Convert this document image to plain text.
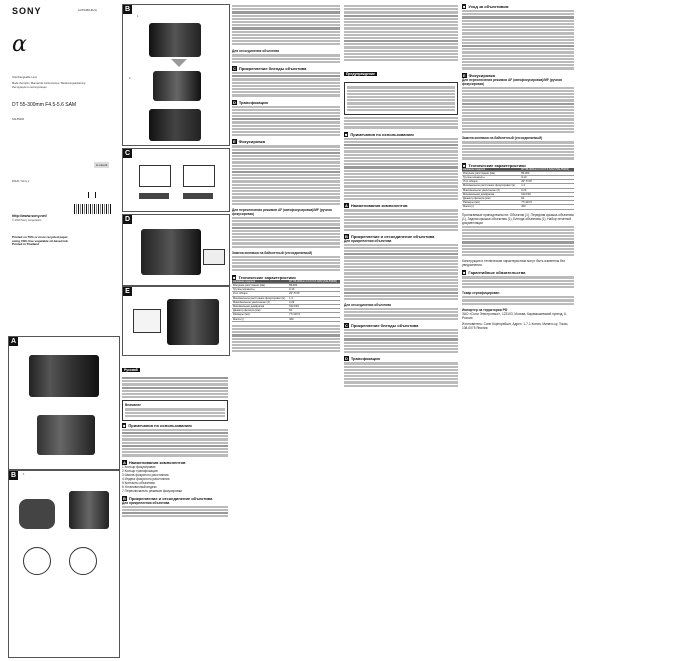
SONY	4-270-981-21(1)
α
Interchangeable Lens
Mode d'emploi / Manual de instrucciones / Bedienungsanleitung
Инструкция по эксплуатации
DT 55-300mm F4.5-5.6 SAM
SAL55300
A-mount
DSLR / Sony α
http://www.sony.net/
© 2010 Sony Corporation
Printed on 70% or more recycled paper
using VOC-free vegetable oil-based ink.
Printed in Thailand
A
B	1
B
1
2
C
D
E
Русский
Внимание
■ Примечания по использованию
A Наименования компонентов
1 Кольцо фокусировки
2 Кольцо трансфокации
3 Шкала фокусного расстояния
4 Индекс фокусного расстояния
5 Контакты объектива
6 Установочный индекс
7 Переключатель режимов фокусировки
B Прикрепление и отсоединение объектива
Для прикрепления объектива
Для отсоединения объектива
C Прикрепление бленды объектива
D Трансфокация
E Фокусировка
Для переключения режимов AF (автофокусировка)/MF (ручная фокусировка)
Замена колпачка на байонетный (отсоединяемый)
■ Технические характеристики
Название изделия	DT 55-300mm F4.5-5.6 SAM (SAL55300)
Фокусное расстояние (мм)	55-300
Группы-элементы	9-13
Угол обзора	29°-5°20'
Минимальное расстояние фокусировки (м)	1,4
Максимальное увеличение (X)	0,29
Минимальная диафрагма	f/22-f/29
Диаметр фильтра (мм)	62
Размеры (мм)	77×116,5
Масса (г)	460
Предупреждение
■ Примечания по использованию
A Наименования компонентов
B Прикрепление и отсоединение объектива
Для прикрепления объектива
Для отсоединения объектива
C Прикрепление бленды объектива
D Трансфокация
■ Уход за объективом
E Фокусировка
Для переключения режимов AF (автофокусировка)/MF (ручная фокусировка)
Замена колпачка на байонетный (отсоединяемый)
■ Технические характеристики
Название изделия	DT 55-300mm F4.5-5.6 SAM (SAL55300)
Фокусное расстояние (мм)	55-300
Группы-элементы	9-13
Угол обзора	29°-5°20'
Минимальное расстояние фокусировки (м)	1,4
Максимальное увеличение (X)	0,29
Минимальная диафрагма	f/22-f/29
Диаметр фильтра (мм)	62
Размеры (мм)	77×116,5
Масса (г)	460
Прилагаемые принадлежности: Объектив (1), Передняя крышка объектива (1), Задняя крышка объектива (1), Бленда объектива (1), Набор печатной документации
Конструкция и технические характеристики могут быть изменены без уведомления.
■ Гарантийные обязательства
Товар сертифицирован
Импортер на территории РФ
ЗАО «Сони Электроникс», 123103, Москва, Карамышевский проезд, 6, Россия
Изготовитель: Сони Корпорейшн, Адрес: 1-7-1 Конан, Минато-ку, Токио, 108-0075 Япония
